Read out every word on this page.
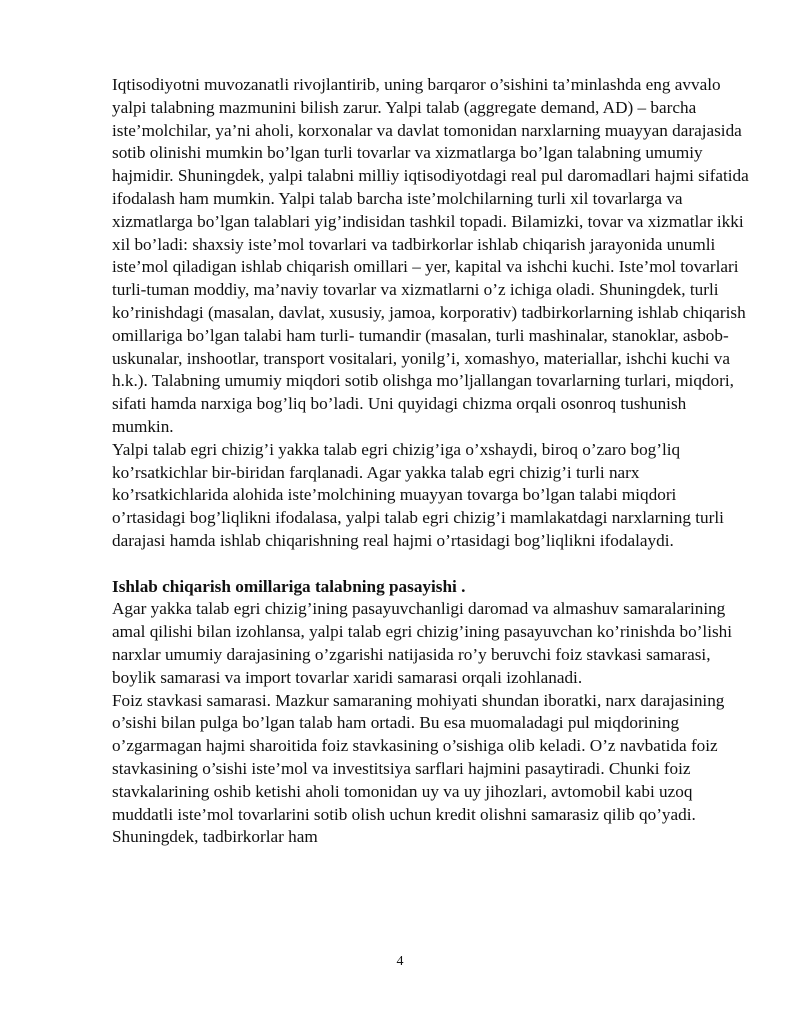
Iqtisodiyotni muvozanatli rivojlantirib, uning barqaror o’sishini ta’minlashda eng avvalo yalpi talabning mazmunini bilish zarur. Yalpi talab (aggregate demand, AD) – barcha iste’molchilar, ya’ni aholi, korxonalar va davlat tomonidan narxlarning muayyan darajasida sotib olinishi mumkin bo’lgan turli tovarlar va xizmatlarga bo’lgan talabning umumiy hajmidir. Shuningdek, yalpi talabni milliy iqtisodiyotdagi real pul daromadlari hajmi sifatida ifodalash ham mumkin. Yalpi talab barcha iste’molchilarning turli xil tovarlarga va xizmatlarga bo’lgan talablari yig’indisidan tashkil topadi. Bilamizki, tovar va xizmatlar ikki xil bo’ladi: shaxsiy iste’mol tovarlari va tadbirkorlar ishlab chiqarish jarayonida unumli iste’mol qiladigan ishlab chiqarish omillari – yer, kapital va ishchi kuchi. Iste’mol tovarlari turli-tuman moddiy, ma’naviy tovarlar va xizmatlarni o’z ichiga oladi. Shuningdek, turli ko’rinishdagi (masalan, davlat, xususiy, jamoa, korporativ) tadbirkorlarning ishlab chiqarish omillariga bo’lgan talabi ham turli- tumandir (masalan, turli mashinalar, stanoklar, asbob-uskunalar, inshootlar, transport vositalari, yonilg’i, xomashyo, materiallar, ishchi kuchi va h.k.). Talabning umumiy miqdori sotib olishga mo’ljallangan tovarlarning turlari, miqdori, sifati hamda narxiga bog’liq bo’ladi. Uni quyidagi chizma orqali osonroq tushunish mumkin.

Yalpi talab egri chizig’i yakka talab egri chizig’iga o’xshaydi, biroq o’zaro bog’liq ko’rsatkichlar bir-biridan farqlanadi. Agar yakka talab egri chizig’i turli narx ko’rsatkichlarida alohida iste’molchining muayyan tovarga bo’lgan talabi miqdori o’rtasidagi bog’liqlikni ifodalasa, yalpi talab egri chizig’i mamlakatdagi narxlarning turli darajasi hamda ishlab chiqarishning real hajmi o’rtasidagi bog’liqlikni ifodalaydi.

Ishlab chiqarish omillariga talabning pasayishi .

Agar yakka talab egri chizig’ining pasayuvchanligi daromad va almashuv samaralarining amal qilishi bilan izohlansa, yalpi talab egri chizig’ining pasayuvchan ko’rinishda bo’lishi narxlar umumiy darajasining o’zgarishi natijasida ro’y beruvchi foiz stavkasi samarasi, boylik samarasi va import tovarlar xaridi samarasi orqali izohlanadi.

Foiz stavkasi samarasi. Mazkur samaraning mohiyati shundan iboratki, narx darajasining o’sishi bilan pulga bo’lgan talab ham ortadi. Bu esa muomaladagi pul miqdorining o’zgarmagan hajmi sharoitida foiz stavkasining o’sishiga olib keladi. O’z navbatida foiz stavkasining o’sishi iste’mol va investitsiya sarflari hajmini pasaytiradi. Chunki foiz stavkalarining oshib ketishi aholi tomonidan uy va uy jihozlari, avtomobil kabi uzoq muddatli iste’mol tovarlarini sotib olish uchun kredit olishni samarasiz qilib qo’yadi. Shuningdek, tadbirkorlar ham

4
